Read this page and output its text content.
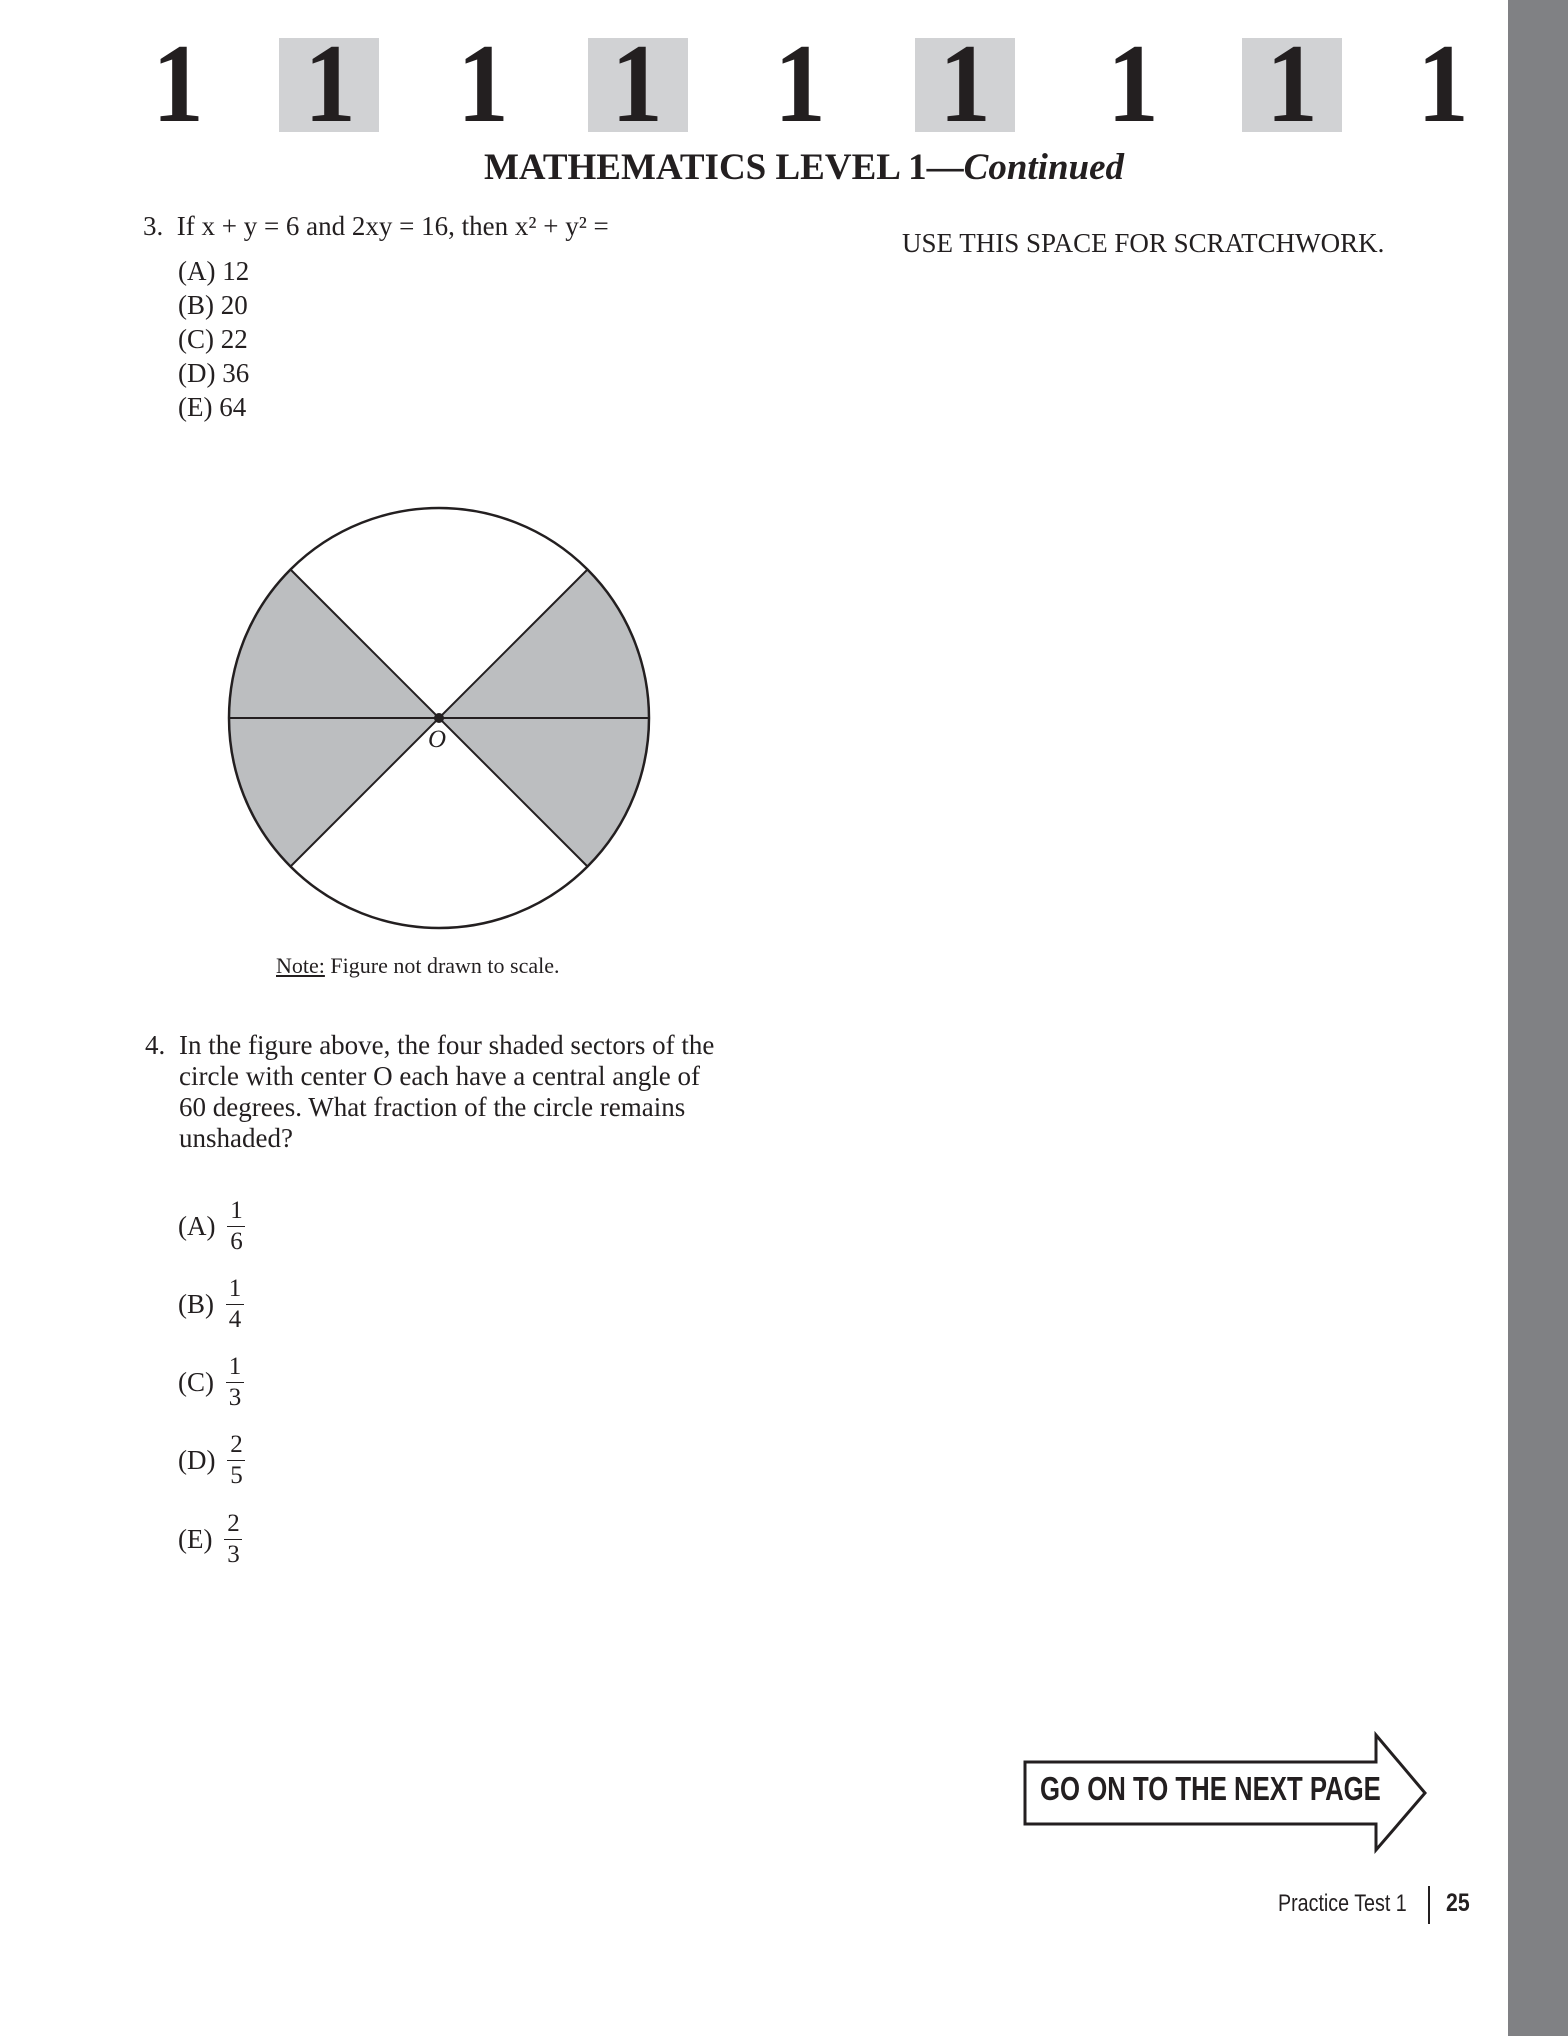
1 1 1 1 1 1 1 1 1
MATHEMATICS LEVEL 1—Continued
USE THIS SPACE FOR SCRATCHWORK.
3. If x + y = 6 and 2xy = 16, then x² + y² =
(A) 12
(B) 20
(C) 22
(D) 36
(E) 64
O
Note: Figure not drawn to scale.
4. In the figure above, the four shaded sectors of the
circle with center O each have a central angle of
60 degrees. What fraction of the circle remains
unshaded?
$(A) \frac{1}{6}$
$(B) \frac{1}{4}$
$(C) \frac{1}{3}$
$(D) \frac{2}{5}$
$(E) \frac{2}{3}$
GO ON TO THE NEXT PAGE
Practice Test 1 25
